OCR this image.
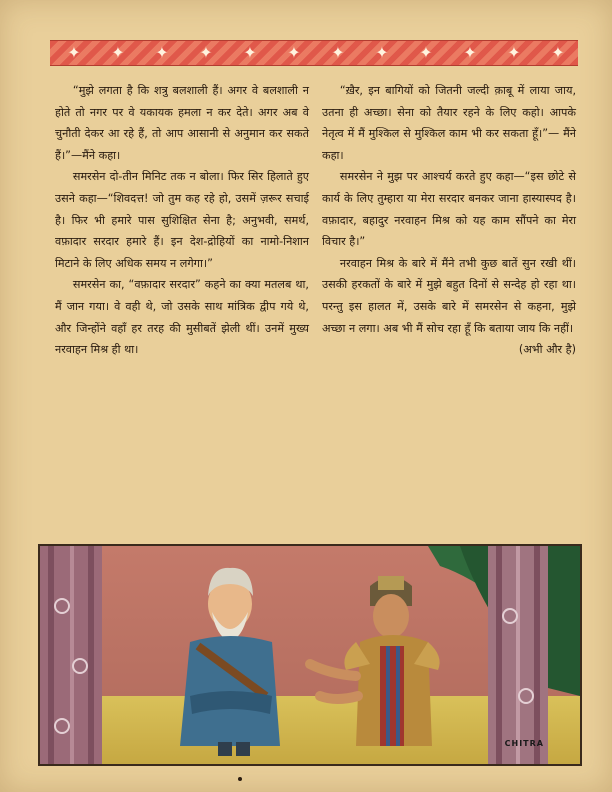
✦ ✦ ✦ ✦ ✦ ✦ ✦ ✦ ✦ ✦ ✦ ✦

“मुझे लगता है कि शत्रु बलशाली हैं। अगर वे बलशाली न होते तो नगर पर वे यकायक हमला न कर देते। अगर अब वे चुनौती देकर आ रहे हैं, तो आप आसानी से अनुमान कर सकते हैं।”—मैंने कहा।

समरसेन दो-तीन मिनिट तक न बोला। फिर सिर हिलाते हुए उसने कहा—“शिवदत्त! जो तुम कह रहे हो, उसमें ज़रूर सचाई है। फिर भी हमारे पास सुशिक्षित सेना है; अनुभवी, समर्थ, वफ़ादार सरदार हमारे हैं। इन देश-द्रोहियों का नामो-निशान मिटाने के लिए अधिक समय न लगेगा।”

समरसेन का, “वफ़ादार सरदार” कहने का क्या मतलब था, मैं जान गया। वे वही थे, जो उसके साथ मांत्रिक द्वीप गये थे, और जिन्होंने वहाँ हर तरह की मुसीबतें झेली थीं। उनमें मुख्य नरवाहन मिश्र ही था।

“ख़ैर, इन बागियों को जितनी जल्दी क़ाबू में लाया जाय, उतना ही अच्छा। सेना को तैयार रहने के लिए कहो। आपके नेतृत्व में मैं मुश्किल से मुश्किल काम भी कर सकता हूँ।”— मैंने कहा।

समरसेन ने मुझ पर आश्चर्य करते हुए कहा—“इस छोटे से कार्य के लिए तुम्हारा या मेरा सरदार बनकर जाना हास्यास्पद है। वफ़ादार, बहादुर नरवाहन मिश्र को यह काम सौंपने का मेरा विचार है।”

नरवाहन मिश्र के बारे में मैंने तभी कुछ बातें सुन रखी थीं। उसकी हरकतों के बारे में मुझे बहुत दिनों से सन्देह हो रहा था। परन्तु इस हालत में, उसके बारे में समरसेन से कहना, मुझे अच्छा न लगा। अब भी मैं सोच रहा हूँ कि बताया जाय कि नहीं।

(अभी और है)

CHITRA
